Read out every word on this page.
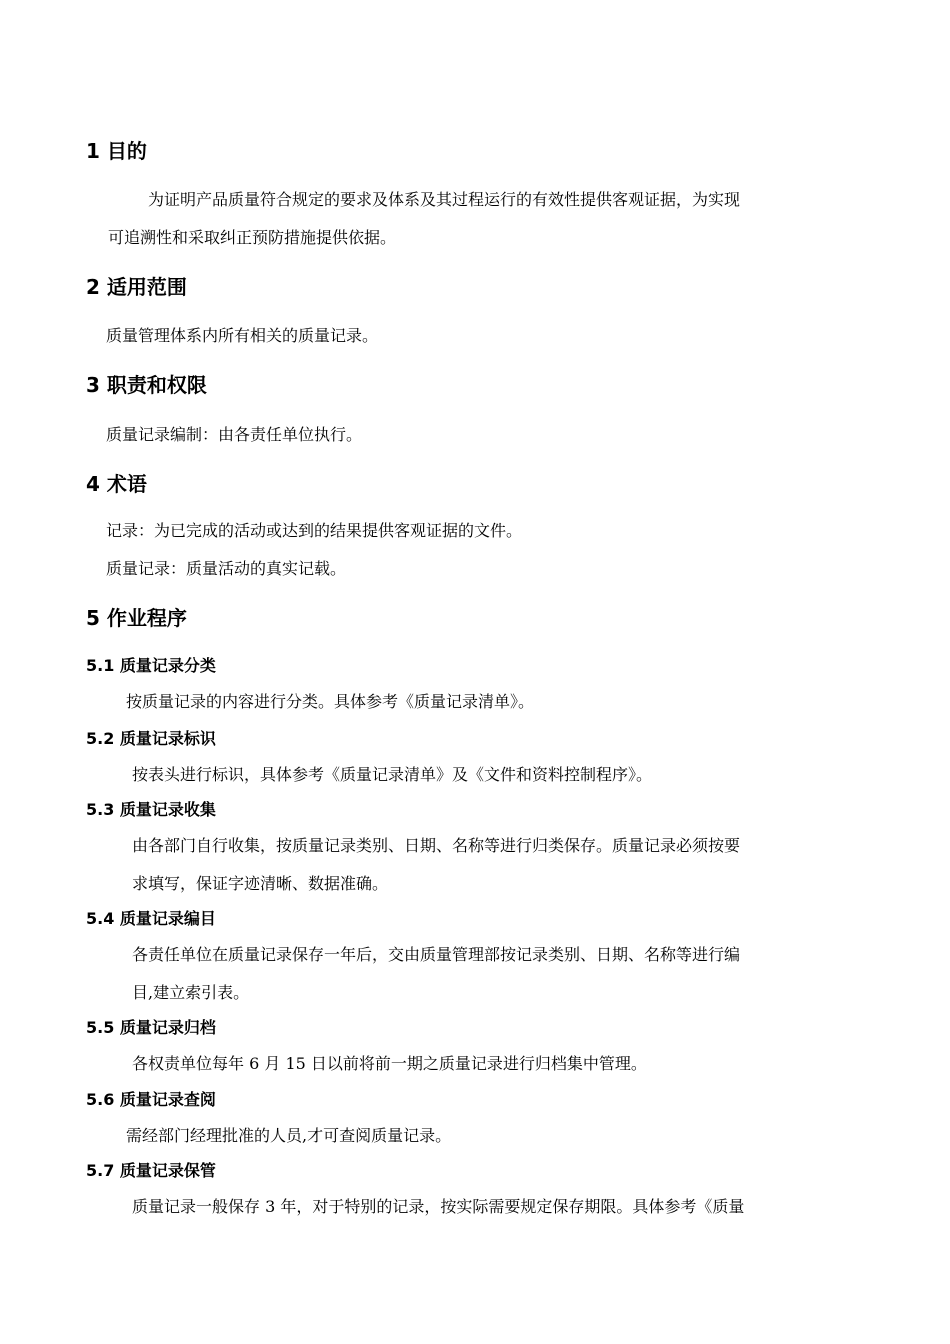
1 目的
为证明产品质量符合规定的要求及体系及其过程运行的有效性提供客观证据，为实现
可追溯性和采取纠正预防措施提供依据。
2 适用范围
质量管理体系内所有相关的质量记录。
3 职责和权限
质量记录编制：由各责任单位执行。
4 术语
记录：为已完成的活动或达到的结果提供客观证据的文件。
质量记录：质量活动的真实记载。
5 作业程序
5.1 质量记录分类
按质量记录的内容进行分类。具体参考《质量记录清单》。
5.2 质量记录标识
按表头进行标识，具体参考《质量记录清单》及《文件和资料控制程序》。
5.3 质量记录收集
由各部门自行收集，按质量记录类别、日期、名称等进行归类保存。质量记录必须按要
求填写，保证字迹清晰、数据准确。
5.4 质量记录编目
各责任单位在质量记录保存一年后，交由质量管理部按记录类别、日期、名称等进行编
目,建立索引表。
5.5 质量记录归档
各权责单位每年 6 月 15 日以前将前一期之质量记录进行归档集中管理。
5.6 质量记录查阅
需经部门经理批准的人员,才可查阅质量记录。
5.7 质量记录保管
质量记录一般保存 3 年，对于特别的记录，按实际需要规定保存期限。具体参考《质量
